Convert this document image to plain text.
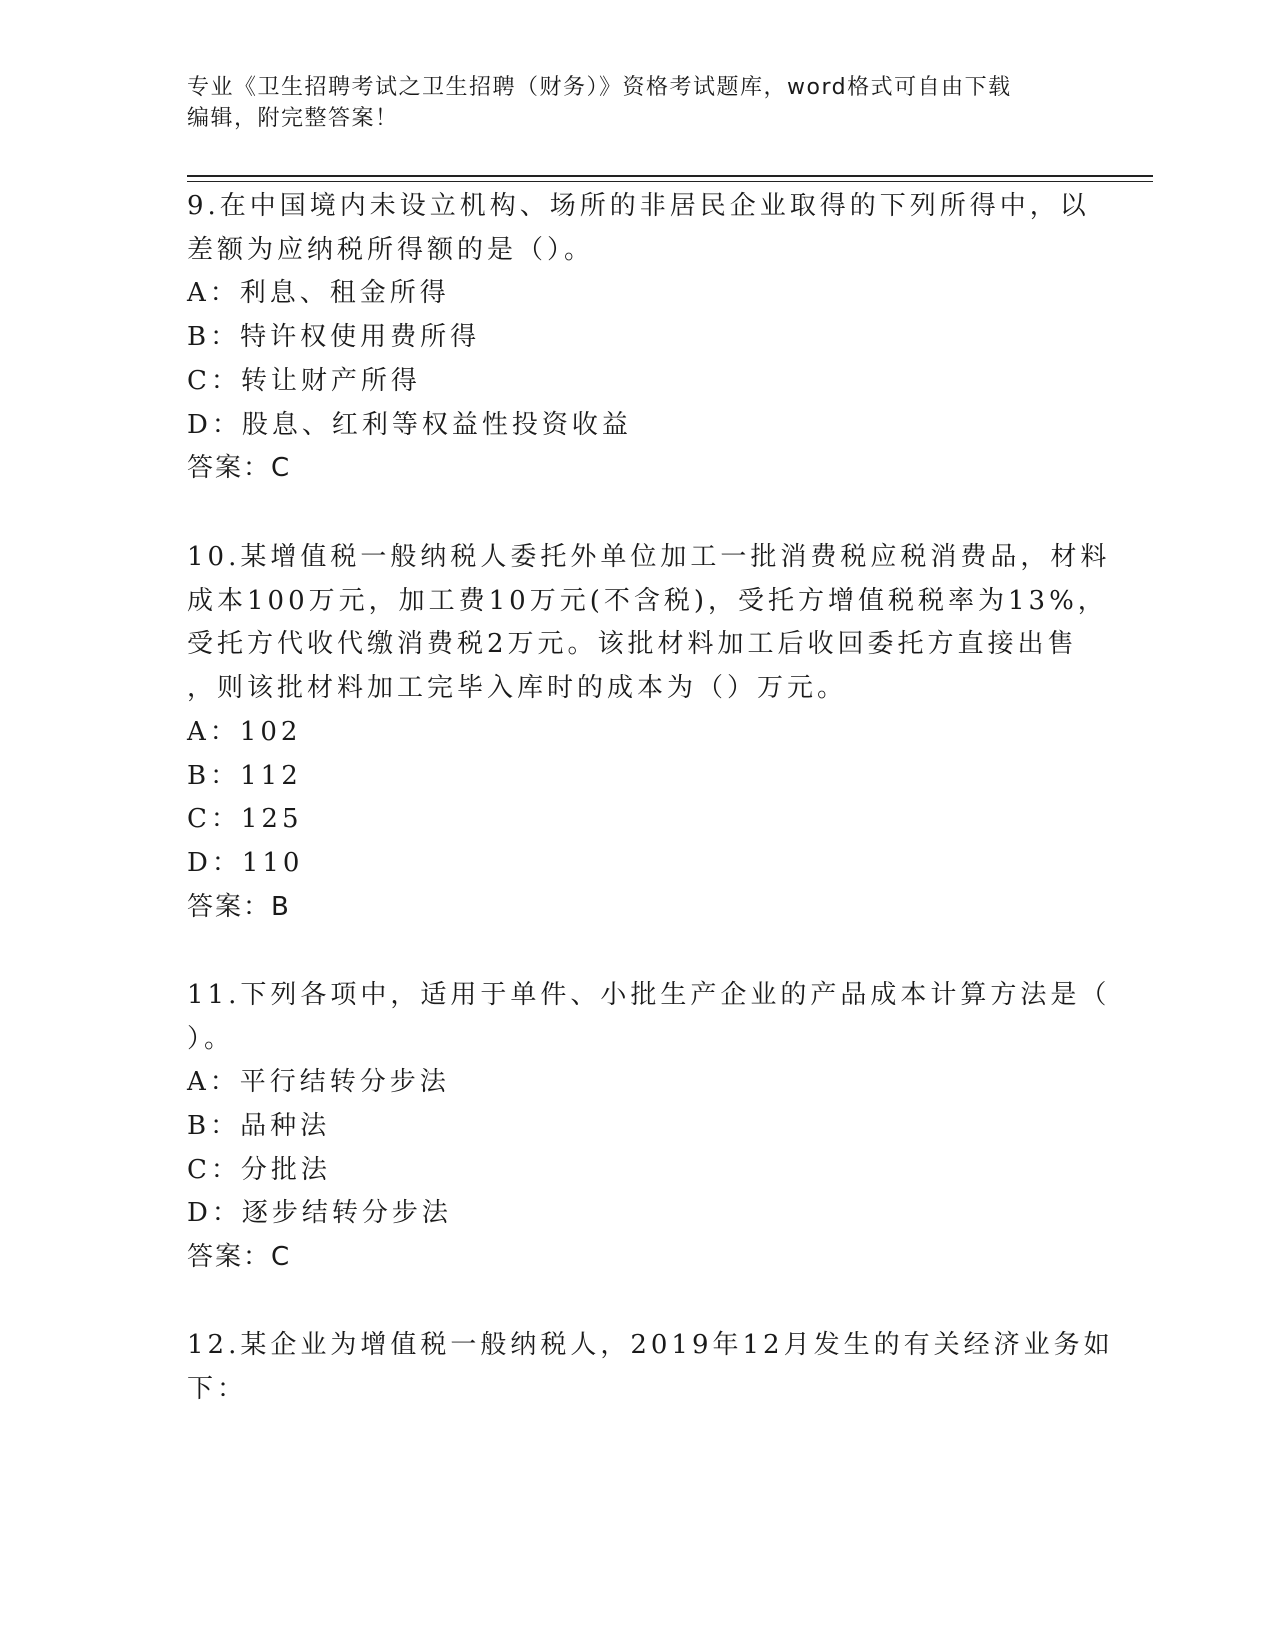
专业《卫生招聘考试之卫生招聘（财务）》资格考试题库，word格式可自由下载
编辑，附完整答案！
9.在中国境内未设立机构、场所的非居民企业取得的下列所得中，以
差额为应纳税所得额的是（）。
A：利息、租金所得
B：特许权使用费所得
C：转让财产所得
D：股息、红利等权益性投资收益
答案：C
10.某增值税一般纳税人委托外单位加工一批消费税应税消费品，材料
成本100万元，加工费10万元(不含税)，受托方增值税税率为13%，
受托方代收代缴消费税2万元。该批材料加工后收回委托方直接出售
，则该批材料加工完毕入库时的成本为（）万元。
A：102
B：112
C：125
D：110
答案：B
11.下列各项中，适用于单件、小批生产企业的产品成本计算方法是（
）。
A：平行结转分步法
B：品种法
C：分批法
D：逐步结转分步法
答案：C
12.某企业为增值税一般纳税人，2019年12月发生的有关经济业务如
下：
